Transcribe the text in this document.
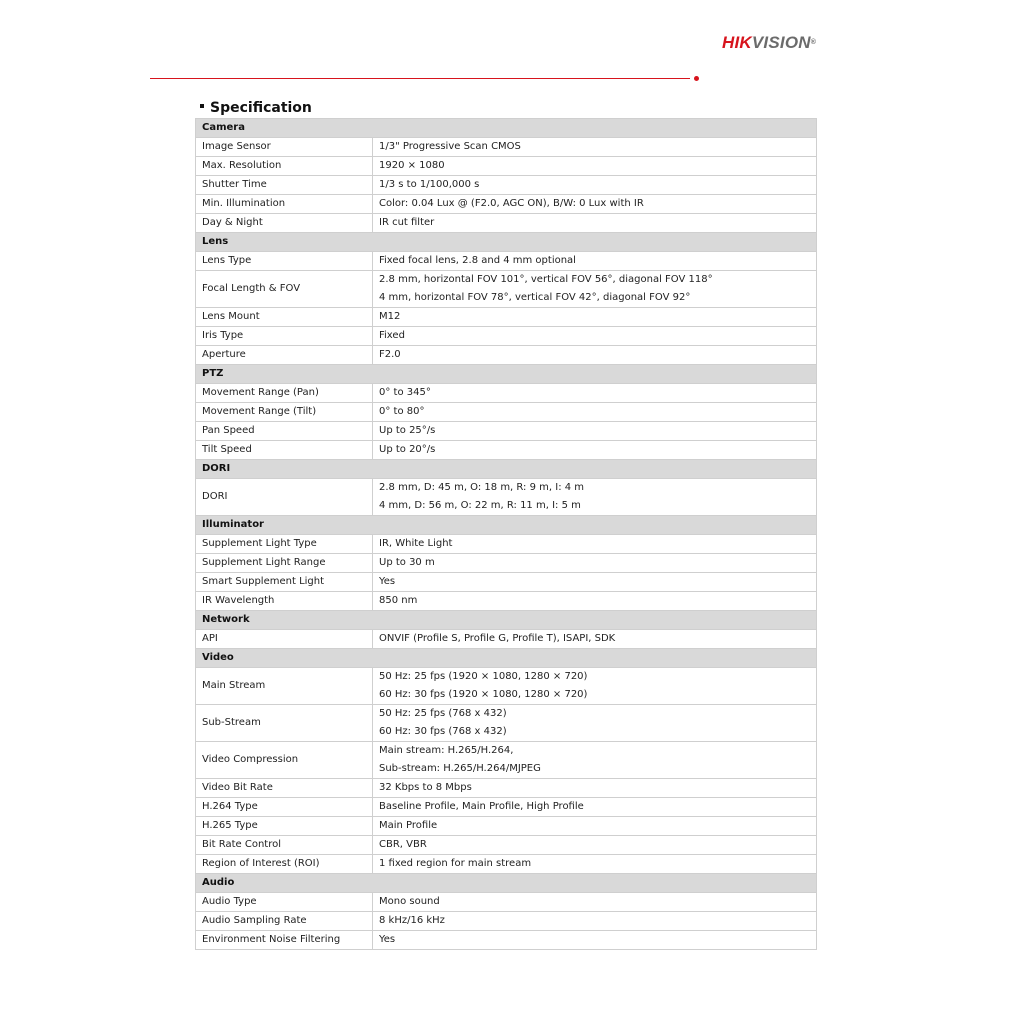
HIKVISION®
Specification
Camera	
Image Sensor	1/3" Progressive Scan CMOS
Max. Resolution	1920 × 1080
Shutter Time	1/3 s to 1/100,000 s
Min. Illumination	Color: 0.04 Lux @ (F2.0, AGC ON), B/W: 0 Lux with IR
Day & Night	IR cut filter
Lens	
Lens Type	Fixed focal lens, 2.8 and 4 mm optional
Focal Length & FOV	2.8 mm, horizontal FOV 101°, vertical FOV 56°, diagonal FOV 118°
4 mm, horizontal FOV 78°, vertical FOV 42°, diagonal FOV 92°

Lens Mount	M12
Iris Type	Fixed
Aperture	F2.0
PTZ	
Movement Range (Pan)	0° to 345°
Movement Range (Tilt)	0° to 80°
Pan Speed	Up to 25°/s
Tilt Speed	Up to 20°/s
DORI	
DORI	2.8 mm, D: 45 m, O: 18 m, R: 9 m, I: 4 m
4 mm, D: 56 m, O: 22 m, R: 11 m, I: 5 m

Illuminator	
Supplement Light Type	IR, White Light
Supplement Light Range	Up to 30 m
Smart Supplement Light	Yes
IR Wavelength	850 nm
Network	
API	ONVIF (Profile S, Profile G, Profile T), ISAPI, SDK
Video	
Main Stream	50 Hz: 25 fps (1920 × 1080, 1280 × 720)
60 Hz: 30 fps (1920 × 1080, 1280 × 720)

Sub-Stream	50 Hz: 25 fps (768 x 432)
60 Hz: 30 fps (768 x 432)

Video Compression	Main stream: H.265/H.264,
Sub-stream: H.265/H.264/MJPEG

Video Bit Rate	32 Kbps to 8 Mbps
H.264 Type	Baseline Profile, Main Profile, High Profile
H.265 Type	Main Profile
Bit Rate Control	CBR, VBR
Region of Interest (ROI)	1 fixed region for main stream
Audio	
Audio Type	Mono sound
Audio Sampling Rate	8 kHz/16 kHz
Environment Noise Filtering	Yes
